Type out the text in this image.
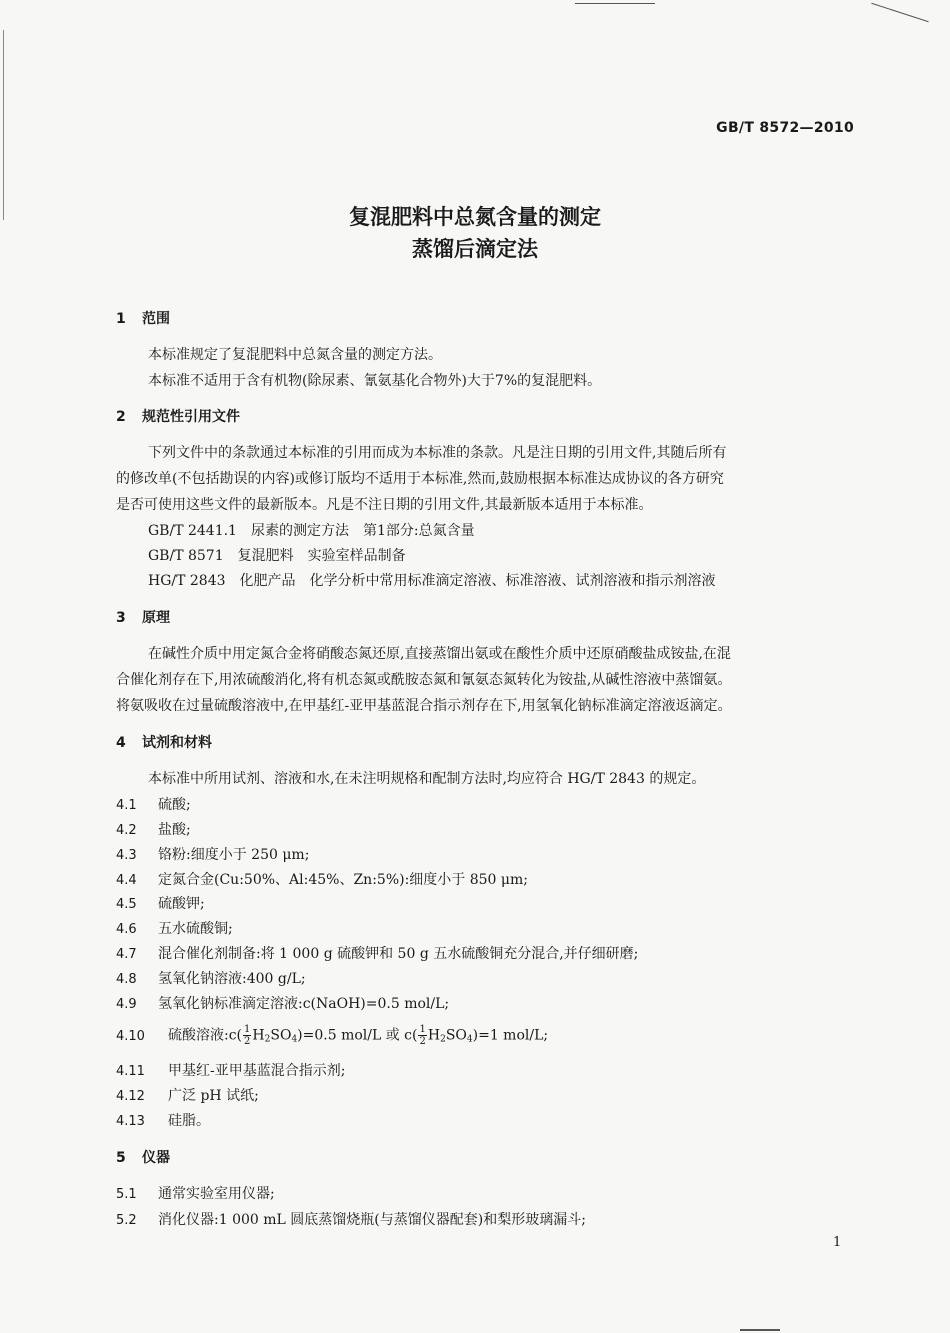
GB/T 8572—2010
复混肥料中总氮含量的测定
蒸馏后滴定法
1 范围
本标准规定了复混肥料中总氮含量的测定方法。
本标准不适用于含有机物(除尿素、氰氨基化合物外)大于7%的复混肥料。
2 规范性引用文件
下列文件中的条款通过本标准的引用而成为本标准的条款。凡是注日期的引用文件,其随后所有
的修改单(不包括勘误的内容)或修订版均不适用于本标准,然而,鼓励根据本标准达成协议的各方研究
是否可使用这些文件的最新版本。凡是不注日期的引用文件,其最新版本适用于本标准。
GB/T 2441.1　尿素的测定方法　第1部分:总氮含量
GB/T 8571　复混肥料　实验室样品制备
HG/T 2843　化肥产品　化学分析中常用标准滴定溶液、标准溶液、试剂溶液和指示剂溶液
3 原理
在碱性介质中用定氮合金将硝酸态氮还原,直接蒸馏出氨或在酸性介质中还原硝酸盐成铵盐,在混
合催化剂存在下,用浓硫酸消化,将有机态氮或酰胺态氮和氰氨态氮转化为铵盐,从碱性溶液中蒸馏氨。
将氨吸收在过量硫酸溶液中,在甲基红-亚甲基蓝混合指示剂存在下,用氢氧化钠标准滴定溶液返滴定。
4 试剂和材料
本标准中所用试剂、溶液和水,在未注明规格和配制方法时,均应符合 HG/T 2843 的规定。
4.1 硫酸;
4.2 盐酸;
4.3 铬粉:细度小于 250 μm;
4.4 定氮合金(Cu:50%、Al:45%、Zn:5%):细度小于 850 μm;
4.5 硫酸钾;
4.6 五水硫酸铜;
4.7 混合催化剂制备:将 1 000 g 硫酸钾和 50 g 五水硫酸铜充分混合,并仔细研磨;
4.8 氢氧化钠溶液:400 g/L;
4.9 氢氧化钠标准滴定溶液:c(NaOH)=0.5 mol/L;
4.10 硫酸溶液:c( $\frac{1}{2} H_2SO_4)=0.5$ mol/L 或 $c( \frac{1}{2} H_2SO_4)=1$ mol/L;
4.11 甲基红-亚甲基蓝混合指示剂;
4.12 广泛 pH 试纸;
4.13 硅脂。
5 仪器
5.1 通常实验室用仪器;
5.2 消化仪器:1 000 mL 圆底蒸馏烧瓶(与蒸馏仪器配套)和梨形玻璃漏斗;
1
